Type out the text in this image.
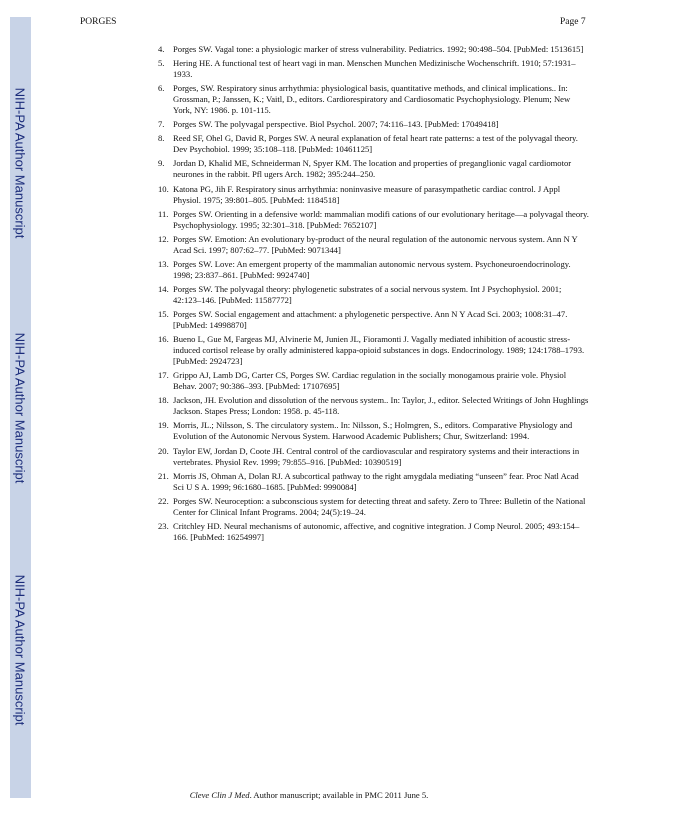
NIH-PA Author Manuscript
NIH-PA Author Manuscript
NIH-PA Author Manuscript
PORGES	Page 7
4. Porges SW. Vagal tone: a physiologic marker of stress vulnerability. Pediatrics. 1992; 90:498–504. [PubMed: 1513615]
5. Hering HE. A functional test of heart vagi in man. Menschen Munchen Medizinische Wochenschrift. 1910; 57:1931–1933.
6. Porges, SW. Respiratory sinus arrhythmia: physiological basis, quantitative methods, and clinical implications.. In: Grossman, P.; Janssen, K.; Vaitl, D., editors. Cardiorespiratory and Cardiosomatic Psychophysiology. Plenum; New York, NY: 1986. p. 101-115.
7. Porges SW. The polyvagal perspective. Biol Psychol. 2007; 74:116–143. [PubMed: 17049418]
8. Reed SF, Ohel G, David R, Porges SW. A neural explanation of fetal heart rate patterns: a test of the polyvagal theory. Dev Psychobiol. 1999; 35:108–118. [PubMed: 10461125]
9. Jordan D, Khalid ME, Schneiderman N, Spyer KM. The location and properties of preganglionic vagal cardiomotor neurones in the rabbit. Pfl ugers Arch. 1982; 395:244–250.
10. Katona PG, Jih F. Respiratory sinus arrhythmia: noninvasive measure of parasympathetic cardiac control. J Appl Physiol. 1975; 39:801–805. [PubMed: 1184518]
11. Porges SW. Orienting in a defensive world: mammalian modifi cations of our evolutionary heritage—a polyvagal theory. Psychophysiology. 1995; 32:301–318. [PubMed: 7652107]
12. Porges SW. Emotion: An evolutionary by-product of the neural regulation of the autonomic nervous system. Ann N Y Acad Sci. 1997; 807:62–77. [PubMed: 9071344]
13. Porges SW. Love: An emergent property of the mammalian autonomic nervous system. Psychoneuroendocrinology. 1998; 23:837–861. [PubMed: 9924740]
14. Porges SW. The polyvagal theory: phylogenetic substrates of a social nervous system. Int J Psychophysiol. 2001; 42:123–146. [PubMed: 11587772]
15. Porges SW. Social engagement and attachment: a phylogenetic perspective. Ann N Y Acad Sci. 2003; 1008:31–47. [PubMed: 14998870]
16. Bueno L, Gue M, Fargeas MJ, Alvinerie M, Junien JL, Fioramonti J. Vagally mediated inhibition of acoustic stress-induced cortisol release by orally administered kappa-opioid substances in dogs. Endocrinology. 1989; 124:1788–1793. [PubMed: 2924723]
17. Grippo AJ, Lamb DG, Carter CS, Porges SW. Cardiac regulation in the socially monogamous prairie vole. Physiol Behav. 2007; 90:386–393. [PubMed: 17107695]
18. Jackson, JH. Evolution and dissolution of the nervous system.. In: Taylor, J., editor. Selected Writings of John Hughlings Jackson. Stapes Press; London: 1958. p. 45-118.
19. Morris, JL.; Nilsson, S. The circulatory system.. In: Nilsson, S.; Holmgren, S., editors. Comparative Physiology and Evolution of the Autonomic Nervous System. Harwood Academic Publishers; Chur, Switzerland: 1994.
20. Taylor EW, Jordan D, Coote JH. Central control of the cardiovascular and respiratory systems and their interactions in vertebrates. Physiol Rev. 1999; 79:855–916. [PubMed: 10390519]
21. Morris JS, Ohman A, Dolan RJ. A subcortical pathway to the right amygdala mediating “unseen” fear. Proc Natl Acad Sci U S A. 1999; 96:1680–1685. [PubMed: 9990084]
22. Porges SW. Neuroception: a subconscious system for detecting threat and safety. Zero to Three: Bulletin of the National Center for Clinical Infant Programs. 2004; 24(5):19–24.
23. Critchley HD. Neural mechanisms of autonomic, affective, and cognitive integration. J Comp Neurol. 2005; 493:154–166. [PubMed: 16254997]
Cleve Clin J Med. Author manuscript; available in PMC 2011 June 5.
